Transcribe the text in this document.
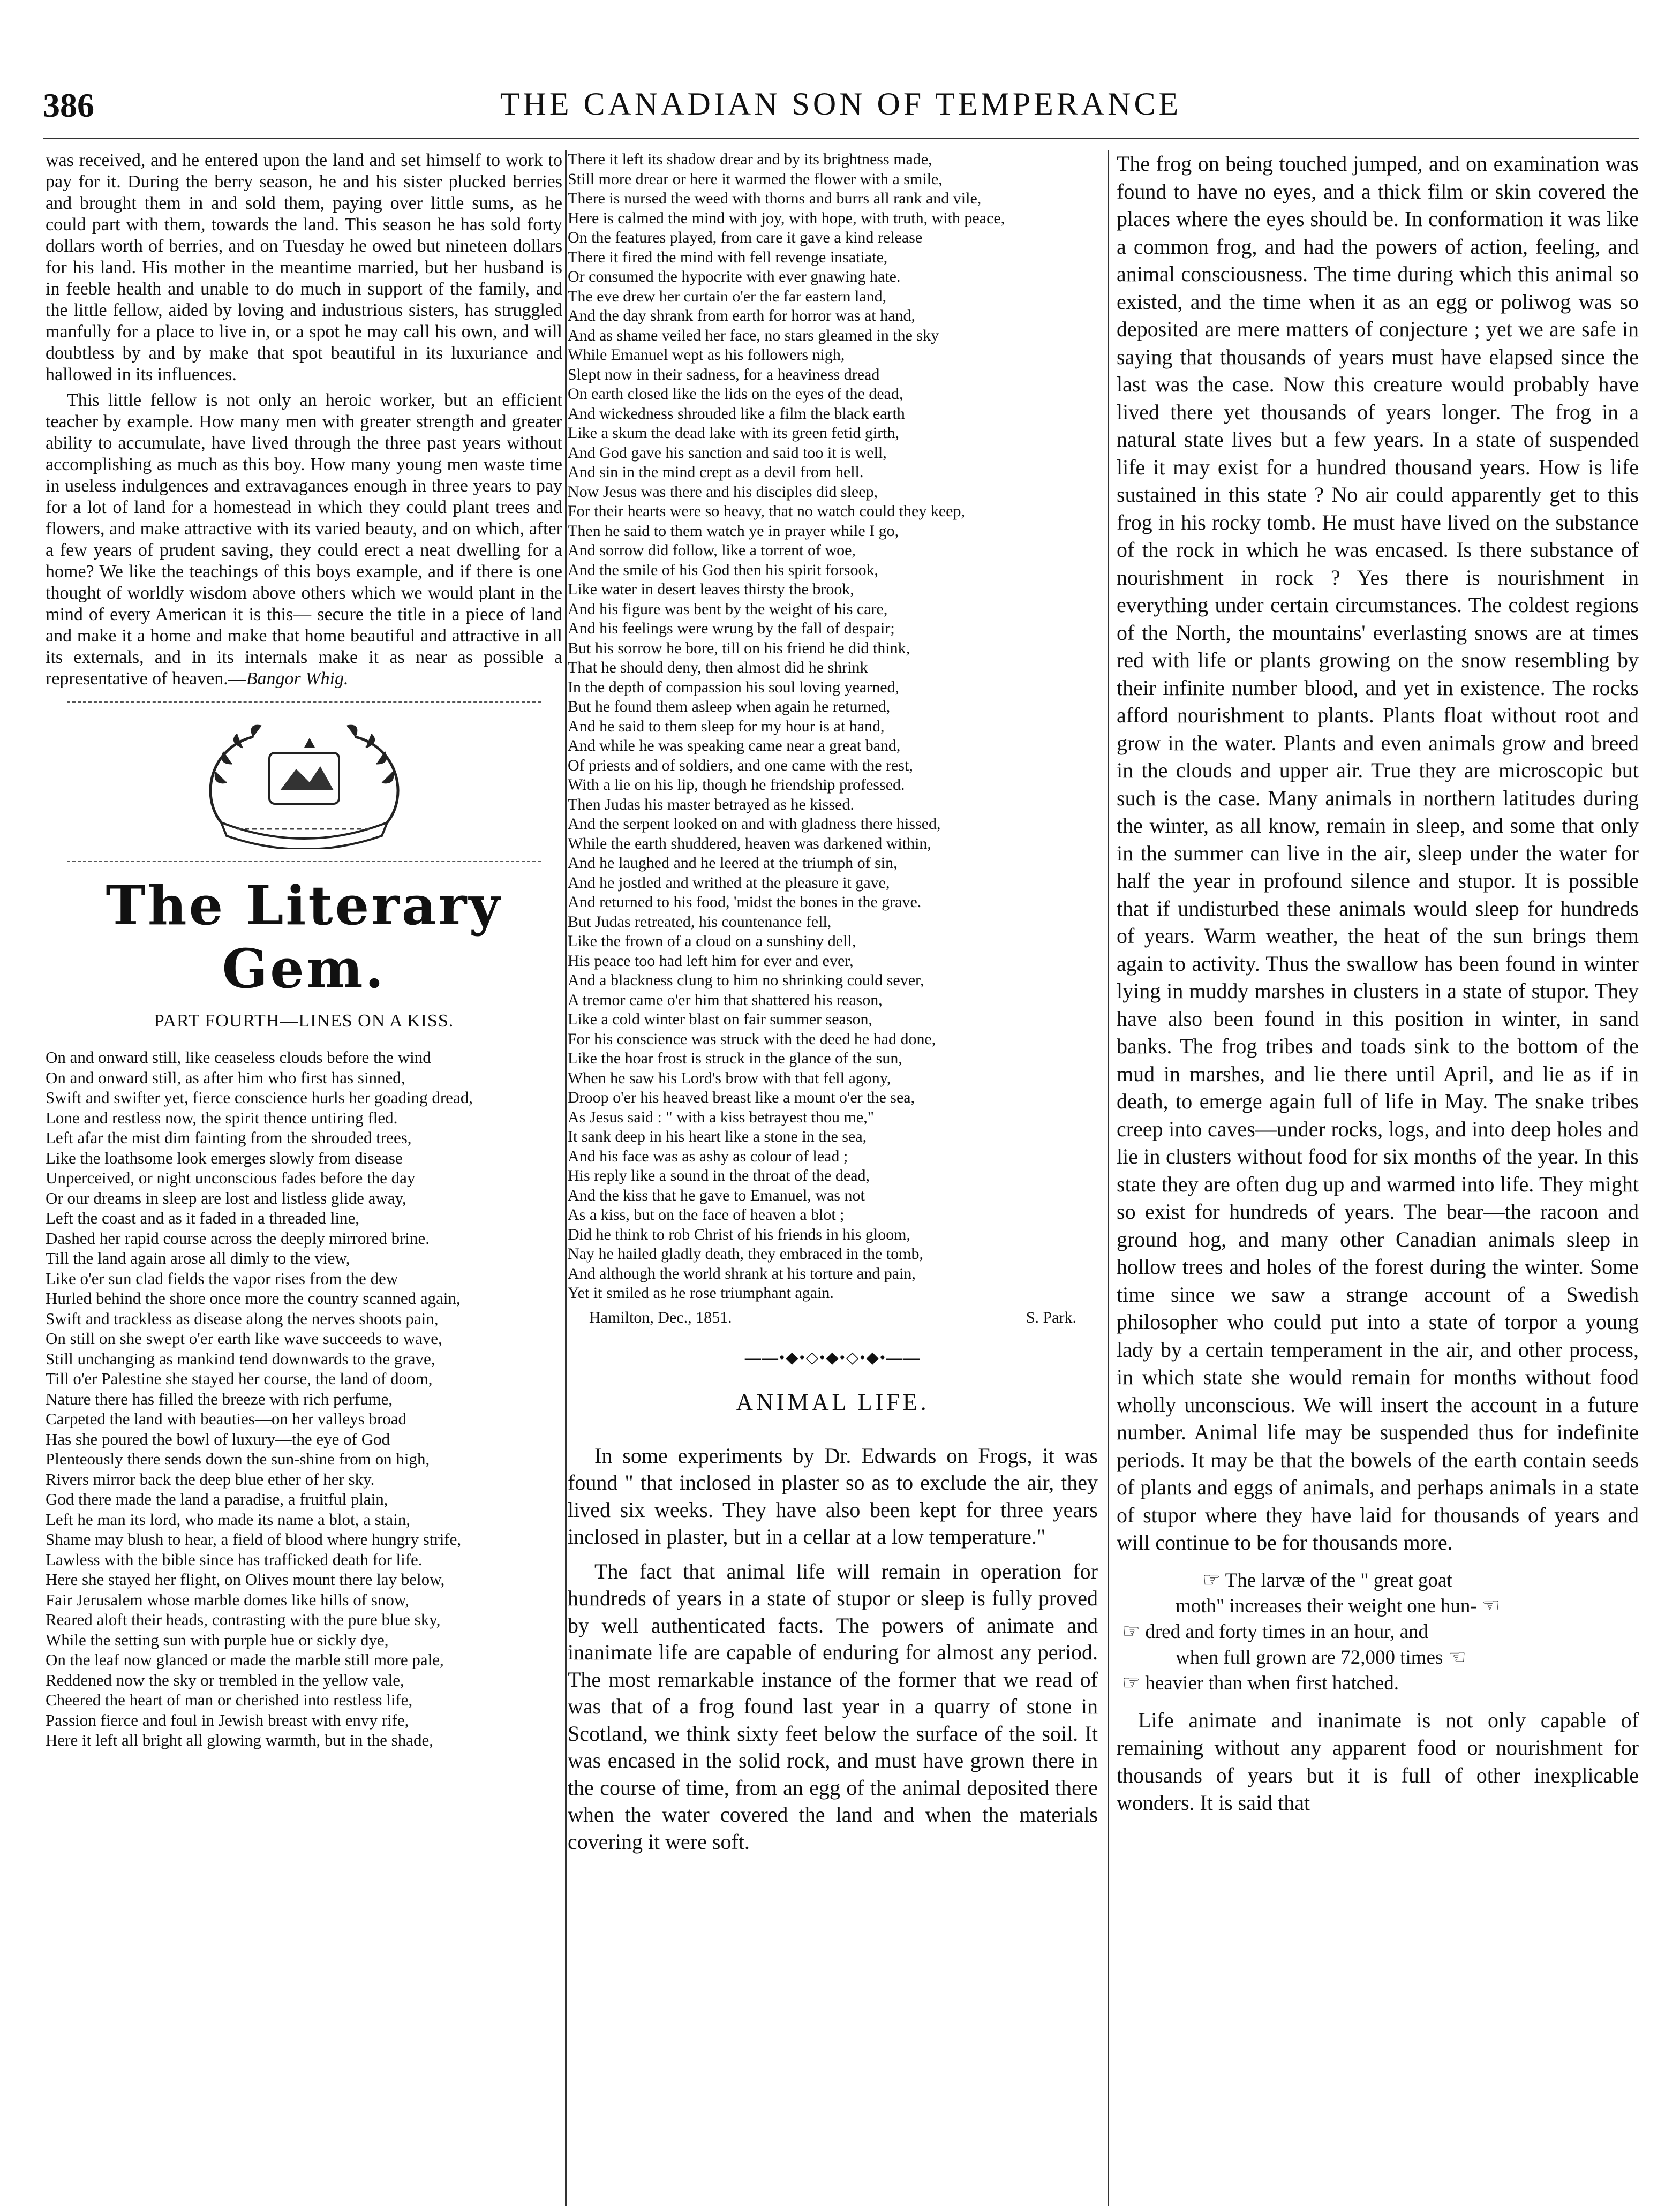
386	THE CANADIAN SON OF TEMPERANCE

was received, and he entered upon the land and set himself to work to pay for it. During the berry season, he and his sister plucked berries and brought them in and sold them, paying over little sums, as he could part with them, towards the land. This season he has sold forty dollars worth of berries, and on Tuesday he owed but nineteen dollars for his land. His mother in the meantime married, but her husband is in feeble health and unable to do much in support of the family, and the little fellow, aided by loving and industrious sisters, has struggled manfully for a place to live in, or a spot he may call his own, and will doubtless by and by make that spot beautiful in its luxuriance and hallowed in its influences.

This little fellow is not only an heroic worker, but an efficient teacher by example. How many men with greater strength and greater ability to accumulate, have lived through the three past years without accomplishing as much as this boy. How many young men waste time in useless indulgences and extravagances enough in three years to pay for a lot of land for a homestead in which they could plant trees and flowers, and make attractive with its varied beauty, and on which, after a few years of prudent saving, they could erect a neat dwelling for a home? We like the teachings of this boys example, and if there is one thought of worldly wisdom above others which we would plant in the mind of every American it is this— secure the title in a piece of land and make it a home and make that home beautiful and attractive in all its externals, and in its internals make it as near as possible a representative of heaven.—Bangor Whig.

The Literary Gem.
PART FOURTH—LINES ON A KISS.
On and onward still, like ceaseless clouds before the wind
On and onward still, as after him who first has sinned,
Swift and swifter yet, fierce conscience hurls her goading dread,
Lone and restless now, the spirit thence untiring fled.
Left afar the mist dim fainting from the shrouded trees,
Like the loathsome look emerges slowly from disease
Unperceived, or night unconscious fades before the day
Or our dreams in sleep are lost and listless glide away,
Left the coast and as it faded in a threaded line,
Dashed her rapid course across the deeply mirrored brine.
Till the land again arose all dimly to the view,
Like o'er sun clad fields the vapor rises from the dew
Hurled behind the shore once more the country scanned again,
Swift and trackless as disease along the nerves shoots pain,
On still on she swept o'er earth like wave succeeds to wave,
Still unchanging as mankind tend downwards to the grave,
Till o'er Palestine she stayed her course, the land of doom,
Nature there has filled the breeze with rich perfume,
Carpeted the land with beauties—on her valleys broad
Has she poured the bowl of luxury—the eye of God
Plenteously there sends down the sun-shine from on high,
Rivers mirror back the deep blue ether of her sky.
God there made the land a paradise, a fruitful plain,
Left he man its lord, who made its name a blot, a stain,
Shame may blush to hear, a field of blood where hungry strife,
Lawless with the bible since has trafficked death for life.
Here she stayed her flight, on Olives mount there lay below,
Fair Jerusalem whose marble domes like hills of snow,
Reared aloft their heads, contrasting with the pure blue sky,
While the setting sun with purple hue or sickly dye,
On the leaf now glanced or made the marble still more pale,
Reddened now the sky or trembled in the yellow vale,
Cheered the heart of man or cherished into restless life,
Passion fierce and foul in Jewish breast with envy rife,
Here it left all bright all glowing warmth, but in the shade,
There it left its shadow drear and by its brightness made,
Still more drear or here it warmed the flower with a smile,
There is nursed the weed with thorns and burrs all rank and vile,
Here is calmed the mind with joy, with hope, with truth, with peace,
On the features played, from care it gave a kind release
There it fired the mind with fell revenge insatiate,
Or consumed the hypocrite with ever gnawing hate.
The eve drew her curtain o'er the far eastern land,
And the day shrank from earth for horror was at hand,
And as shame veiled her face, no stars gleamed in the sky
While Emanuel wept as his followers nigh,
Slept now in their sadness, for a heaviness dread
On earth closed like the lids on the eyes of the dead,
And wickedness shrouded like a film the black earth
Like a skum the dead lake with its green fetid girth,
And God gave his sanction and said too it is well,
And sin in the mind crept as a devil from hell.
Now Jesus was there and his disciples did sleep,
For their hearts were so heavy, that no watch could they keep,
Then he said to them watch ye in prayer while I go,
And sorrow did follow, like a torrent of woe,
And the smile of his God then his spirit forsook,
Like water in desert leaves thirsty the brook,
And his figure was bent by the weight of his care,
And his feelings were wrung by the fall of despair;
But his sorrow he bore, till on his friend he did think,
That he should deny, then almost did he shrink
In the depth of compassion his soul loving yearned,
But he found them asleep when again he returned,
And he said to them sleep for my hour is at hand,
And while he was speaking came near a great band,
Of priests and of soldiers, and one came with the rest,
With a lie on his lip, though he friendship professed.
Then Judas his master betrayed as he kissed.
And the serpent looked on and with gladness there hissed,
While the earth shuddered, heaven was darkened within,
And he laughed and he leered at the triumph of sin,
And he jostled and writhed at the pleasure it gave,
And returned to his food, 'midst the bones in the grave.
But Judas retreated, his countenance fell,
Like the frown of a cloud on a sunshiny dell,
His peace too had left him for ever and ever,
And a blackness clung to him no shrinking could sever,
A tremor came o'er him that shattered his reason,
Like a cold winter blast on fair summer season,
For his conscience was struck with the deed he had done,
Like the hoar frost is struck in the glance of the sun,
When he saw his Lord's brow with that fell agony,
Droop o'er his heaved breast like a mount o'er the sea,
As Jesus said : " with a kiss betrayest thou me,"
It sank deep in his heart like a stone in the sea,
And his face was as ashy as colour of lead ;
His reply like a sound in the throat of the dead,
And the kiss that he gave to Emanuel, was not
As a kiss, but on the face of heaven a blot ;
Did he think to rob Christ of his friends in his gloom,
Nay he hailed gladly death, they embraced in the tomb,
And although the world shrank at his torture and pain,
Yet it smiled as he rose triumphant again.
Hamilton, Dec., 1851.	S. Park.
——•◆•◇•◆•◇•◆•——
ANIMAL LIFE.

In some experiments by Dr. Edwards on Frogs, it was found " that inclosed in plaster so as to exclude the air, they lived six weeks. They have also been kept for three years inclosed in plaster, but in a cellar at a low temperature."

The fact that animal life will remain in operation for hundreds of years in a state of stupor or sleep is fully proved by well authenticated facts. The powers of animate and inanimate life are capable of enduring for almost any period. The most remarkable instance of the former that we read of was that of a frog found last year in a quarry of stone in Scotland, we think sixty feet below the surface of the soil. It was encased in the solid rock, and must have grown there in the course of time, from an egg of the animal deposited there when the water covered the land and when the materials covering it were soft.

The frog on being touched jumped, and on examination was found to have no eyes, and a thick film or skin covered the places where the eyes should be. In conformation it was like a common frog, and had the powers of action, feeling, and animal consciousness. The time during which this animal so existed, and the time when it as an egg or poliwog was so deposited are mere matters of conjecture ; yet we are safe in saying that thousands of years must have elapsed since the last was the case. Now this creature would probably have lived there yet thousands of years longer. The frog in a natural state lives but a few years. In a state of suspended life it may exist for a hundred thousand years. How is life sustained in this state ? No air could apparently get to this frog in his rocky tomb. He must have lived on the substance of the rock in which he was encased. Is there substance of nourishment in rock ? Yes there is nourishment in everything under certain circumstances. The coldest regions of the North, the mountains' everlasting snows are at times red with life or plants growing on the snow resembling by their infinite number blood, and yet in existence. The rocks afford nourishment to plants. Plants float without root and grow in the water. Plants and even animals grow and breed in the clouds and upper air. True they are microscopic but such is the case. Many animals in northern latitudes during the winter, as all know, remain in sleep, and some that only in the summer can live in the air, sleep under the water for half the year in profound silence and stupor. It is possible that if undisturbed these animals would sleep for hundreds of years. Warm weather, the heat of the sun brings them again to activity. Thus the swallow has been found in winter lying in muddy marshes in clusters in a state of stupor. They have also been found in this position in winter, in sand banks. The frog tribes and toads sink to the bottom of the mud in marshes, and lie there until April, and lie as if in death, to emerge again full of life in May. The snake tribes creep into caves—under rocks, logs, and into deep holes and lie in clusters without food for six months of the year. In this state they are often dug up and warmed into life. They might so exist for hundreds of years. The bear—the racoon and ground hog, and many other Canadian animals sleep in hollow trees and holes of the forest during the winter. Some time since we saw a strange account of a Swedish philosopher who could put into a state of torpor a young lady by a certain temperament in the air, and other process, in which state she would remain for months without food wholly unconscious. We will insert the account in a future number. Animal life may be suspended thus for indefinite periods. It may be that the bowels of the earth contain seeds of plants and eggs of animals, and perhaps animals in a state of stupor where they have laid for thousands of years and will continue to be for thousands more.

☞ The larvæ of the " great goat

moth" increases their weight one hun- ☜

☞ dred and forty times in an hour, and

when full grown are 72,000 times ☜

☞ heavier than when first hatched.

Life animate and inanimate is not only capable of remaining without any apparent food or nourishment for thousands of years but it is full of other inexplicable wonders. It is said that
